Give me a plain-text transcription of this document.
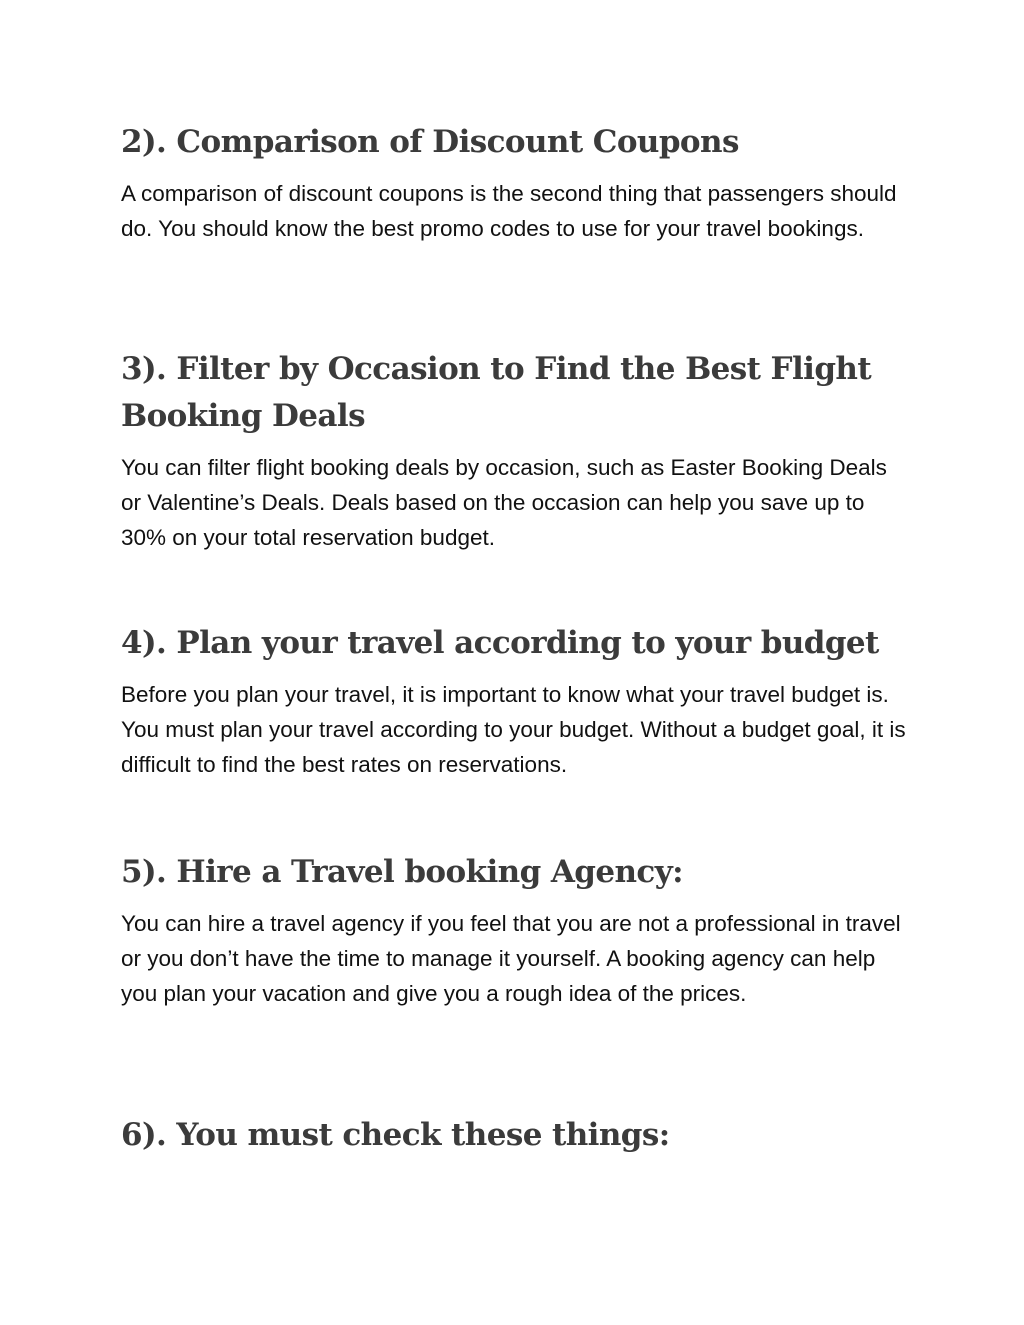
2). Comparison of Discount Coupons

A comparison of discount coupons is the second thing that passengers should do. You should know the best promo codes to use for your travel bookings.

3). Filter by Occasion to Find the Best Flight Booking Deals

You can filter flight booking deals by occasion, such as Easter Booking Deals or Valentine’s Deals. Deals based on the occasion can help you save up to 30% on your total reservation budget.

4). Plan your travel according to your budget

Before you plan your travel, it is important to know what your travel budget is. You must plan your travel according to your budget. Without a budget goal, it is difficult to find the best rates on reservations.

5). Hire a Travel booking Agency:

You can hire a travel agency if you feel that you are not a professional in travel or you don’t have the time to manage it yourself. A booking agency can help you plan your vacation and give you a rough idea of the prices.

6). You must check these things:
